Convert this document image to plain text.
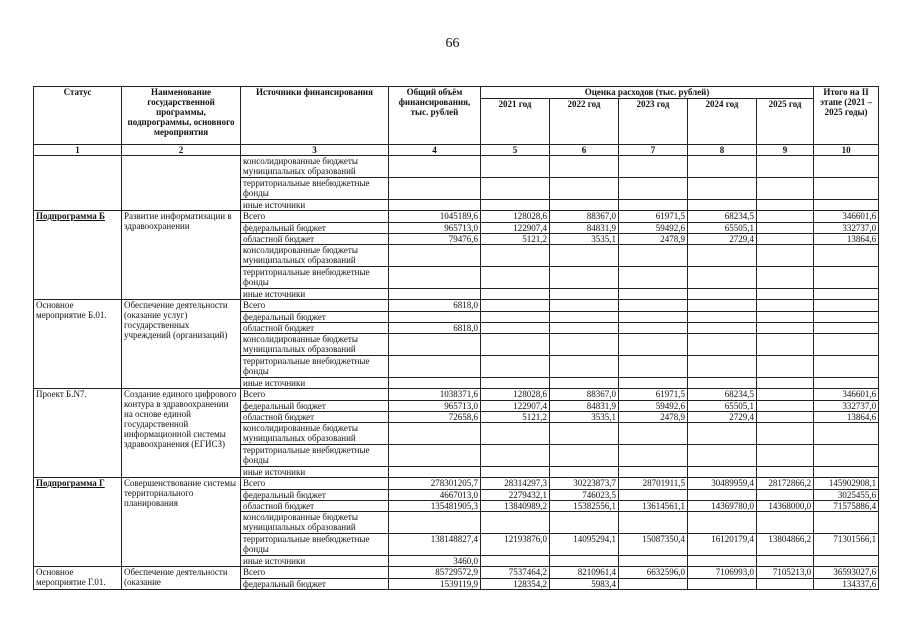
66
Статус	Наименование государственной программы, подпрограммы, основного мероприятия	Источники финансирования	Общий объём финансирования, тыс. рублей	Оценка расходов (тыс. рублей)					Итого на II этапе (2021 – 2025 годы)
				2021 год	2022 год	2023 год	2024 год	2025 год	
1	2	3	4	5	6	7	8	9	10
		консолидированные бюджеты муниципальных образований							
		территориальные внебюджетные фонды							
		иные источники							
Подпрограмма Б	Развитие информатизации в здравоохранении	Всего	1045189,6	128028,6	88367,0	61971,5	68234,5		346601,6
		федеральный бюджет	965713,0	122907,4	84831,9	59492,6	65505,1		332737,0
		областной бюджет	79476,6	5121,2	3535,1	2478,9	2729,4		13864,6
		консолидированные бюджеты муниципальных образований							
		территориальные внебюджетные фонды							
		иные источники							
Основное мероприятие Б.01.	Обеспечение деятельности (оказание услуг) государственных учреждений (организаций)	Всего	6818,0						
		федеральный бюджет							
		областной бюджет	6818,0						
		консолидированные бюджеты муниципальных образований							
		территориальные внебюджетные фонды							
		иные источники							
Проект Б.N7.	Создание единого цифрового контура в здравоохранении на основе единой государственной информационной системы здравоохранения (ЕГИСЗ)	Всего	1038371,6	128028,6	88367,0	61971,5	68234,5		346601,6
		федеральный бюджет	965713,0	122907,4	84831,9	59492,6	65505,1		332737,0
		областной бюджет	72658,6	5121,2	3535,1	2478,9	2729,4		13864,6
		консолидированные бюджеты муниципальных образований							
		территориальные внебюджетные фонды							
		иные источники							
Подпрограмма Г	Совершенствование системы территориального планирования	Всего	278301205,7	28314297,3	30223873,7	28701911,5	30489959,4	28172866,2	145902908,1
		федеральный бюджет	4667013,0	2279432,1	746023,5				3025455,6
		областной бюджет	135481905,3	13840989,2	15382556,1	13614561,1	14369780,0	14368000,0	71575886,4
		консолидированные бюджеты муниципальных образований							
		территориальные внебюджетные фонды	138148827,4	12193876,0	14095294,1	15087350,4	16120179,4	13804866,2	71301566,1
		иные источники	3460,0						
Основное мероприятие Г.01.	Обеспечение деятельности (оказание	Всего	85729572,9	7537464,2	8210961,4	6632596,0	7106993,0	7105213,0	36593027,6
		федеральный бюджет	1539119,9	128354,2	5983,4				134337,6
